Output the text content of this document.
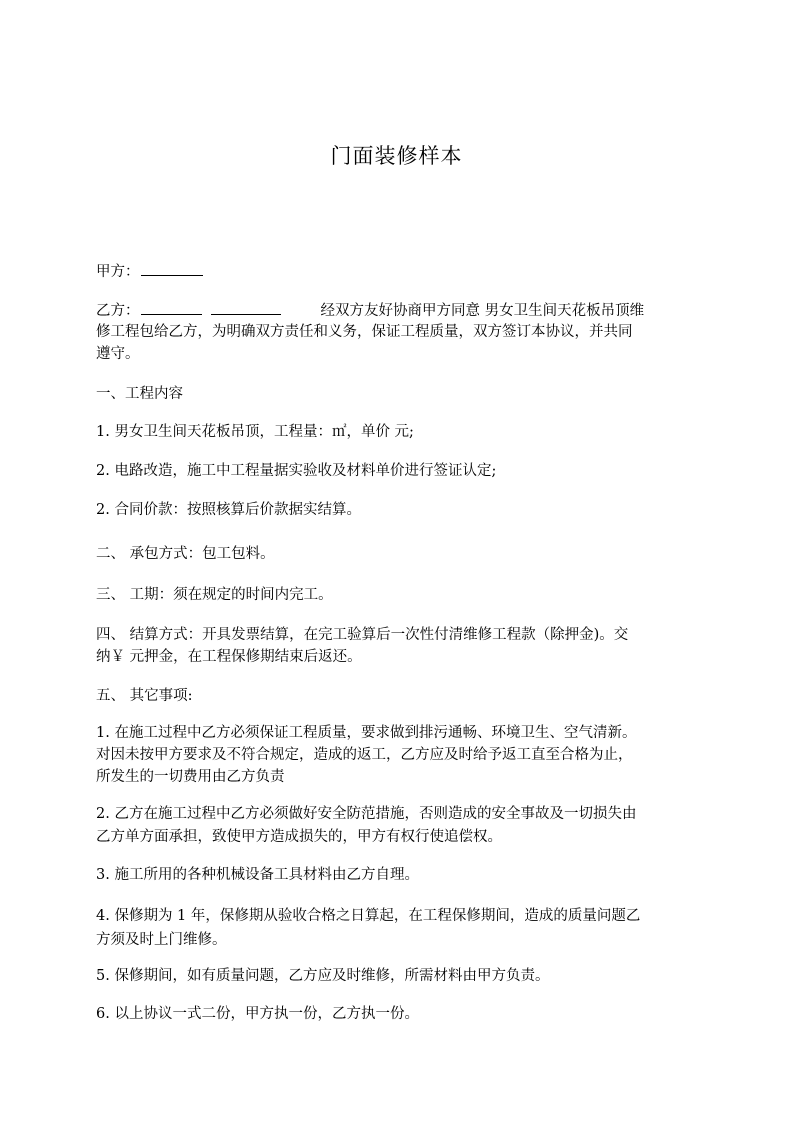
门面装修样本
甲方：
乙方：	经双方友好协商甲方同意 男女卫生间天花板吊顶维
修工程包给乙方，为明确双方责任和义务，保证工程质量，双方签订本协议，并共同
遵守。
一、工程内容
1. 男女卫生间天花板吊顶，工程量：㎡，单价 元;
2. 电路改造，施工中工程量据实验收及材料单价进行签证认定;
2. 合同价款：按照核算后价款据实结算。
二、 承包方式：包工包料。
三、 工期：须在规定的时间内完工。
四、 结算方式：开具发票结算，在完工验算后一次性付清维修工程款（除押金)。交
纳￥ 元押金，在工程保修期结束后返还。
五、 其它事项:
1. 在施工过程中乙方必须保证工程质量，要求做到排污通畅、环境卫生、空气清新。
对因未按甲方要求及不符合规定，造成的返工，乙方应及时给予返工直至合格为止，
所发生的一切费用由乙方负责
2. 乙方在施工过程中乙方必须做好安全防范措施，否则造成的安全事故及一切损失由
乙方单方面承担，致使甲方造成损失的，甲方有权行使追偿权。
3. 施工所用的各种机械设备工具材料由乙方自理。
4. 保修期为 1 年，保修期从验收合格之日算起，在工程保修期间，造成的质量问题乙
方须及时上门维修。
5. 保修期间，如有质量问题，乙方应及时维修，所需材料由甲方负责。
6. 以上协议一式二份，甲方执一份，乙方执一份。
